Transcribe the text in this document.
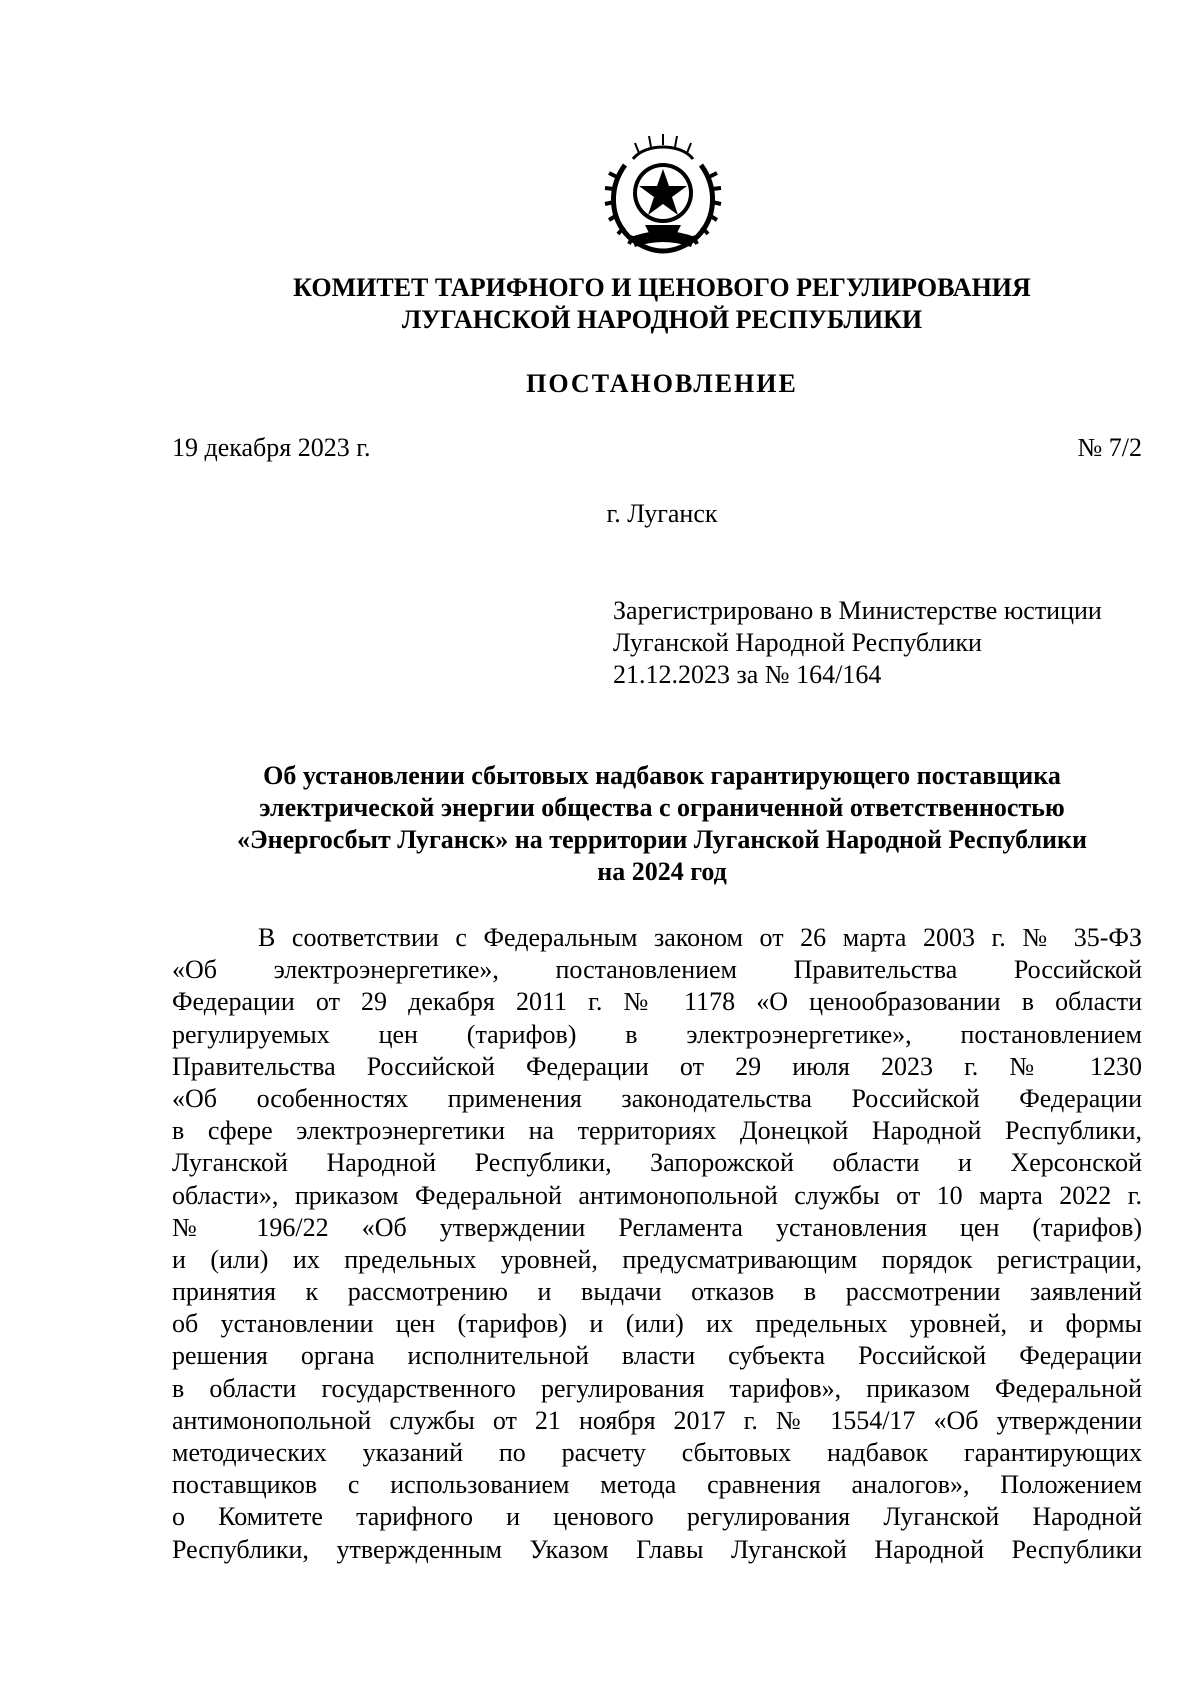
КОМИТЕТ ТАРИФНОГО И ЦЕНОВОГО РЕГУЛИРОВАНИЯ
ЛУГАНСКОЙ НАРОДНОЙ РЕСПУБЛИКИ
ПОСТАНОВЛЕНИЕ
19 декабря 2023 г.	№ 7/2
г. Луганск
Зарегистрировано в Министерстве юстиции
Луганской Народной Республики
21.12.2023 за № 164/164
Об установлении сбытовых надбавок гарантирующего поставщика
электрической энергии общества с ограниченной ответственностью
«Энергосбыт Луганск» на территории Луганской Народной Республики
на 2024 год
В соответствии с Федеральным законом от 26 марта 2003 г. № 35-ФЗ
«Об электроэнергетике», постановлением Правительства Российской
Федерации от 29 декабря 2011 г. № 1178 «О ценообразовании в области
регулируемых цен (тарифов) в электроэнергетике», постановлением
Правительства Российской Федерации от 29 июля 2023 г. № 1230
«Об особенностях применения законодательства Российской Федерации
в сфере электроэнергетики на территориях Донецкой Народной Республики,
Луганской Народной Республики, Запорожской области и Херсонской
области», приказом Федеральной антимонопольной службы от 10 марта 2022 г.
№ 196/22 «Об утверждении Регламента установления цен (тарифов)
и (или) их предельных уровней, предусматривающим порядок регистрации,
принятия к рассмотрению и выдачи отказов в рассмотрении заявлений
об установлении цен (тарифов) и (или) их предельных уровней, и формы
решения органа исполнительной власти субъекта Российской Федерации
в области государственного регулирования тарифов», приказом Федеральной
антимонопольной службы от 21 ноября 2017 г. № 1554/17 «Об утверждении
методических указаний по расчету сбытовых надбавок гарантирующих
поставщиков с использованием метода сравнения аналогов», Положением
о Комитете тарифного и ценового регулирования Луганской Народной
Республики, утвержденным Указом Главы Луганской Народной Республики
